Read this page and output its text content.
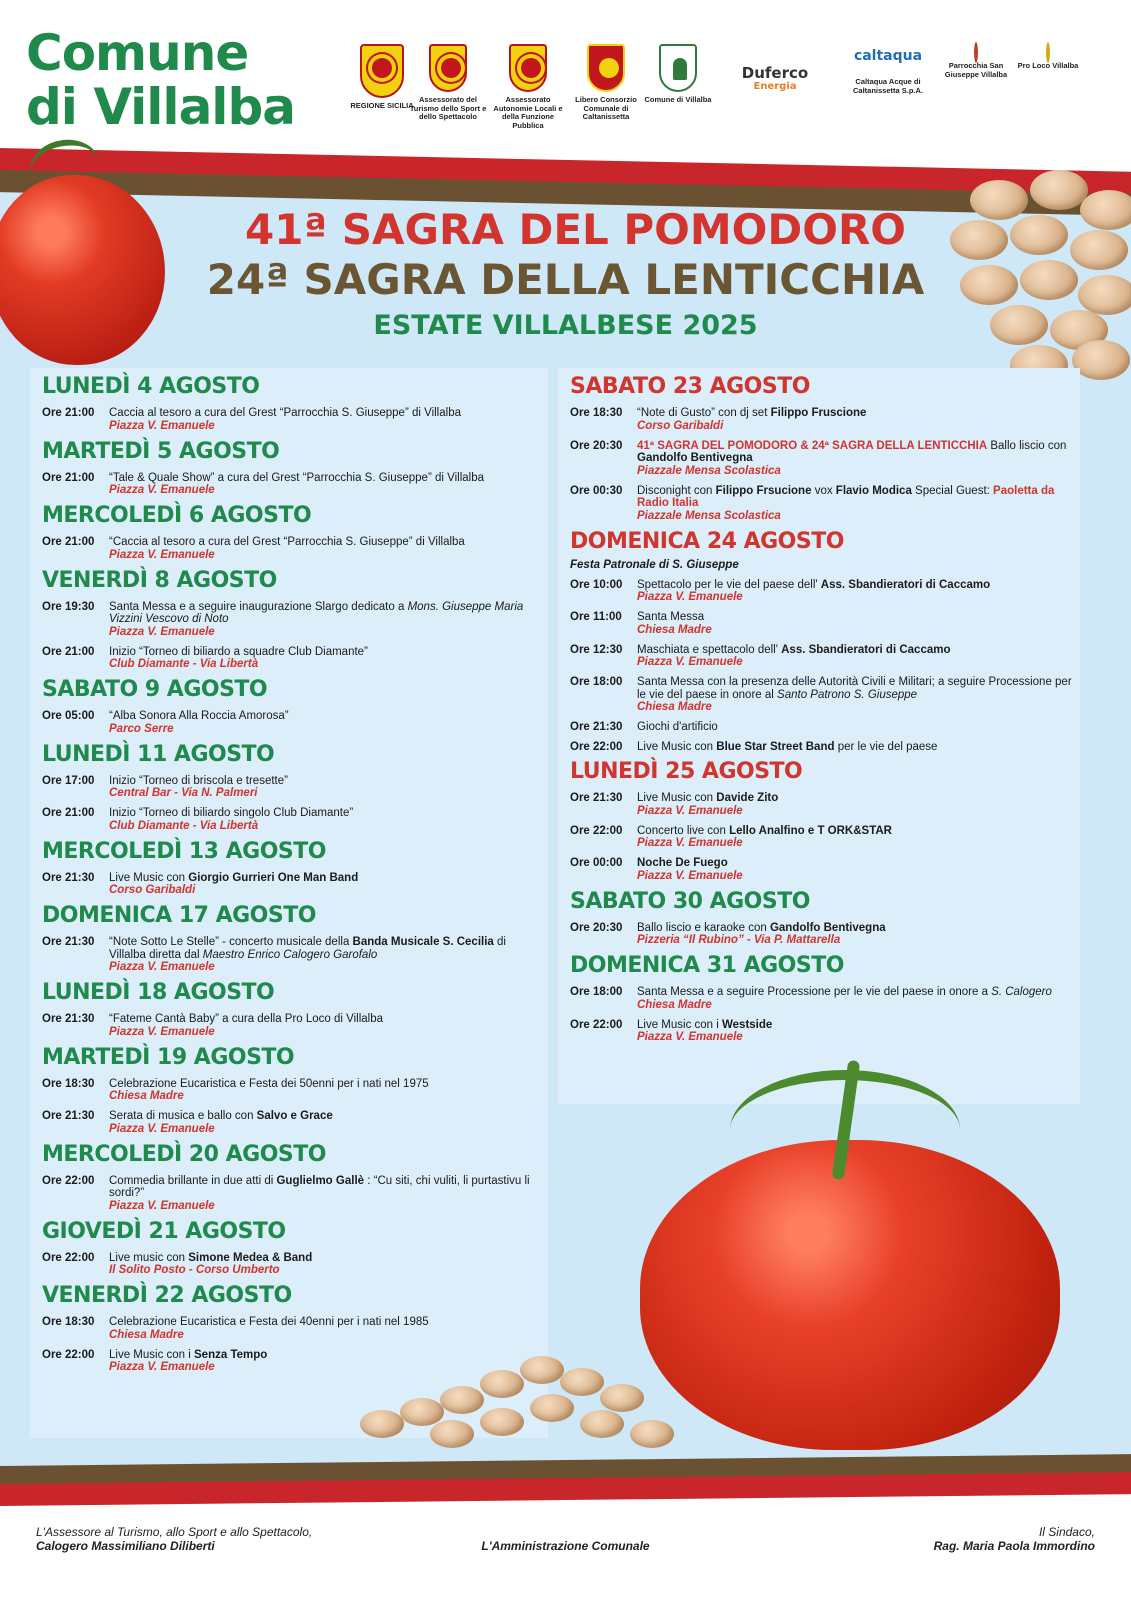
Comune
di Villalba	REGIONE SICILIA
Assessorato del Turismo dello Sport e dello Spettacolo
Assessorato Autonomie Locali e della Funzione Pubblica
Libero Consorzio Comunale di Caltanissetta
Comune di Villalba
Duferco
Energia
caltaqua
Caltaqua Acque di Caltanissetta S.p.A.
Parrocchia San Giuseppe Villalba
Pro Loco Villalba
41ª SAGRA DEL POMODORO
24ª SAGRA DELLA LENTICCHIA
ESTATE VILLALBESE 2025
LUNEDÌ 4 AGOSTO
Ore 21:00	Caccia al tesoro a cura del Grest “Parrocchia S. Giuseppe” di Villalba
Piazza V. Emanuele
MARTEDÌ 5 AGOSTO
Ore 21:00	“Tale & Quale Show” a cura del Grest “Parrocchia S. Giuseppe” di Villalba
Piazza V. Emanuele
MERCOLEDÌ 6 AGOSTO
Ore 21:00	“Caccia al tesoro a cura del Grest “Parrocchia S. Giuseppe” di Villalba
Piazza V. Emanuele
VENERDÌ 8 AGOSTO
Ore 19:30	Santa Messa e a seguire inaugurazione Slargo dedicato a Mons. Giuseppe Maria Vizzini Vescovo di Noto
Piazza V. Emanuele
Ore 21:00	Inizio “Torneo di biliardo a squadre Club Diamante”
Club Diamante - Via Libertà
SABATO 9 AGOSTO
Ore 05:00	“Alba Sonora Alla Roccia Amorosa”
Parco Serre
LUNEDÌ 11 AGOSTO
Ore 17:00	Inizio “Torneo di briscola e tresette”
Central Bar - Via N. Palmeri
Ore 21:00	Inizio “Torneo di biliardo singolo Club Diamante”
Club Diamante - Via Libertà
MERCOLEDÌ 13 AGOSTO
Ore 21:30	Live Music con Giorgio Gurrieri One Man Band
Corso Garibaldi
DOMENICA 17 AGOSTO
Ore 21:30	“Note Sotto Le Stelle” - concerto musicale della Banda Musicale S. Cecilia di Villalba diretta dal Maestro Enrico Calogero Garofalo
Piazza V. Emanuele
LUNEDÌ 18 AGOSTO
Ore 21:30	“Fateme Cantà Baby” a cura della Pro Loco di Villalba
Piazza V. Emanuele
MARTEDÌ 19 AGOSTO
Ore 18:30	Celebrazione Eucaristica e Festa dei 50enni per i nati nel 1975
Chiesa Madre
Ore 21:30	Serata di musica e ballo con Salvo e Grace
Piazza V. Emanuele
MERCOLEDÌ 20 AGOSTO
Ore 22:00	Commedia brillante in due atti di Guglielmo Gallè : “Cu siti, chi vuliti, li purtastivu li sordi?”
Piazza V. Emanuele
GIOVEDÌ 21 AGOSTO
Ore 22:00	Live music con Simone Medea & Band
Il Solito Posto - Corso Umberto
VENERDÌ 22 AGOSTO
Ore 18:30	Celebrazione Eucaristica e Festa dei 40enni per i nati nel 1985
Chiesa Madre
Ore 22:00	Live Music con i Senza Tempo
Piazza V. Emanuele
SABATO 23 AGOSTO
Ore 18:30	“Note di Gusto” con dj set Filippo Fruscione
Corso Garibaldi
Ore 20:30	41ª SAGRA DEL POMODORO & 24ª SAGRA DELLA LENTICCHIA Ballo liscio con Gandolfo Bentivegna
Piazzale Mensa Scolastica
Ore 00:30	Disconight con Filippo Frsucione vox Flavio Modica Special Guest: Paoletta da Radio Italia
Piazzale Mensa Scolastica
DOMENICA 24 AGOSTO
Festa Patronale di S. Giuseppe
Ore 10:00	Spettacolo per le vie del paese dell' Ass. Sbandieratori di Caccamo
Piazza V. Emanuele
Ore 11:00	Santa Messa
Chiesa Madre
Ore 12:30	Maschiata e spettacolo dell' Ass. Sbandieratori di Caccamo
Piazza V. Emanuele
Ore 18:00	Santa Messa con la presenza delle Autorità Civili e Militari; a seguire Processione per le vie del paese in onore al Santo Patrono S. Giuseppe
Chiesa Madre
Ore 21:30	Giochi d'artificio
Ore 22:00	Live Music con Blue Star Street Band per le vie del paese
LUNEDÌ 25 AGOSTO
Ore 21:30	Live Music con Davide Zito
Piazza V. Emanuele
Ore 22:00	Concerto live con Lello Analfino e T ORK&STAR
Piazza V. Emanuele
Ore 00:00	Noche De Fuego
Piazza V. Emanuele
SABATO 30 AGOSTO
Ore 20:30	Ballo liscio e karaoke con Gandolfo Bentivegna
Pizzeria “Il Rubino” - Via P. Mattarella
DOMENICA 31 AGOSTO
Ore 18:00	Santa Messa e a seguire Processione per le vie del paese in onore a S. Calogero
Chiesa Madre
Ore 22:00	Live Music con i Westside
Piazza V. Emanuele
L'Assessore al Turismo, allo Sport e allo Spettacolo,
Calogero Massimiliano Diliberti	L'Amministrazione Comunale
Il Sindaco,
Rag. Maria Paola Immordino
